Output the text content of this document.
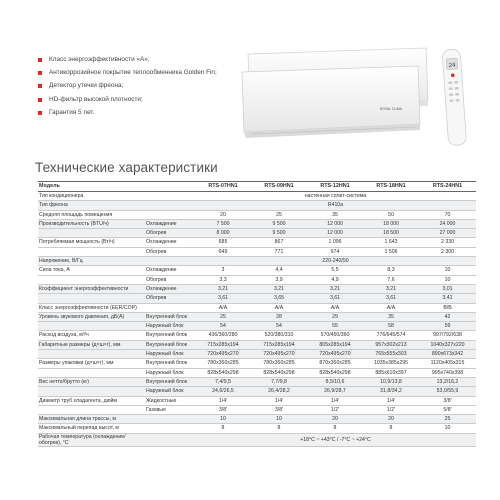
Класс энергоэффективности «А»;
Антикоррозийное покрытие теплообменника Golden Fin;
Детектор утечки фреона;
HD-фильтр высокой плотности;
Гарантия 5 лет.	ROYAL CLIMA
24
Технические характеристики
Модель		RTS-07HN1	RTS-09HN1	RTS-12HN1	RTS-18HN1	RTS-24HN1
Тип кондиционера		настенная сплит-система				
Тип фреона		R410a				
Средняя площадь помещения		20	25	35	50	70
Производительность (BTU/ч)	Охлаждение	7 500	9 500	12 000	18 000	24 000
	Обогрев	8 000	9 500	12 000	18 500	27 000
Потребляемая мощность (Вт/ч)	Охлаждение	685	867	1 096	1 643	2 330
	Обогрев	649	771	974	1 506	2 300
Напряжение, В/Гц		220-240/50				
Сила тока, А	Охлаждение	3	4,4	5,5	8,3	10
	Обогрев	3,3	3,9	4,9	7,6	10
Коэффициент энергоэффективности	Охлаждение	3,21	3,21	3,21	3,21	3,01
	Обогрев	3,61	3,65	3,61	3,61	3,41
Класс энергоэффективности (EER/COP)		A/A	A/A	A/A	A/A	B/B
Уровень звукового давления, дБ(А)	Внутренний блок	25	28	29	35	42
	Наружный блок	54	54	55	58	59
Расход воздуха, м³/ч	Внутренний блок	436/360/280	520/380/310	570/450/360	776/645/574	997/792/638
Габаритные размеры (д×ш×г), мм	Внутренний блок	715x285x194	715x285x194	805x285x194	957x302x213	1040x327x220
	Наружный блок	720x495x270	720x495x270	720x495x270	765x555x303	890x673x342
Размеры упаковки (д×ш×г), мм	Внутренний блок	780x360x285	780x360x285	870x360x285	1035x385x295	1120x405x315
	Наружный блок	828x540x298	828x540x298	828x540x298	885x610x397	995x740x398
Вес нетто/брутто (кг)	Внутренний блок	7,4/9,5	7,7/9,8	8,5/10,6	10,9/13,8	13,2/16,2
	Наружный блок	24,6/26,5	26,4/28,2	26,9/28,7	31,8/34,2	53,0/55,9
Диаметр труб хладагента, дюйм	Жидкостные	1/4'	1/4'	1/4'	1/4'	3/8'
	Газовые	3/8'	3/8'	1/2'	1/2'	5/8'
Максимальная длина трассы, м		10	10	20	20	25
Максимальный перепад высот, м		8	8	8	8	10
Рабочая температура (охлаждение/обогрев), °C		+18°C ~ +43°C / -7°C ~ +24°C				
